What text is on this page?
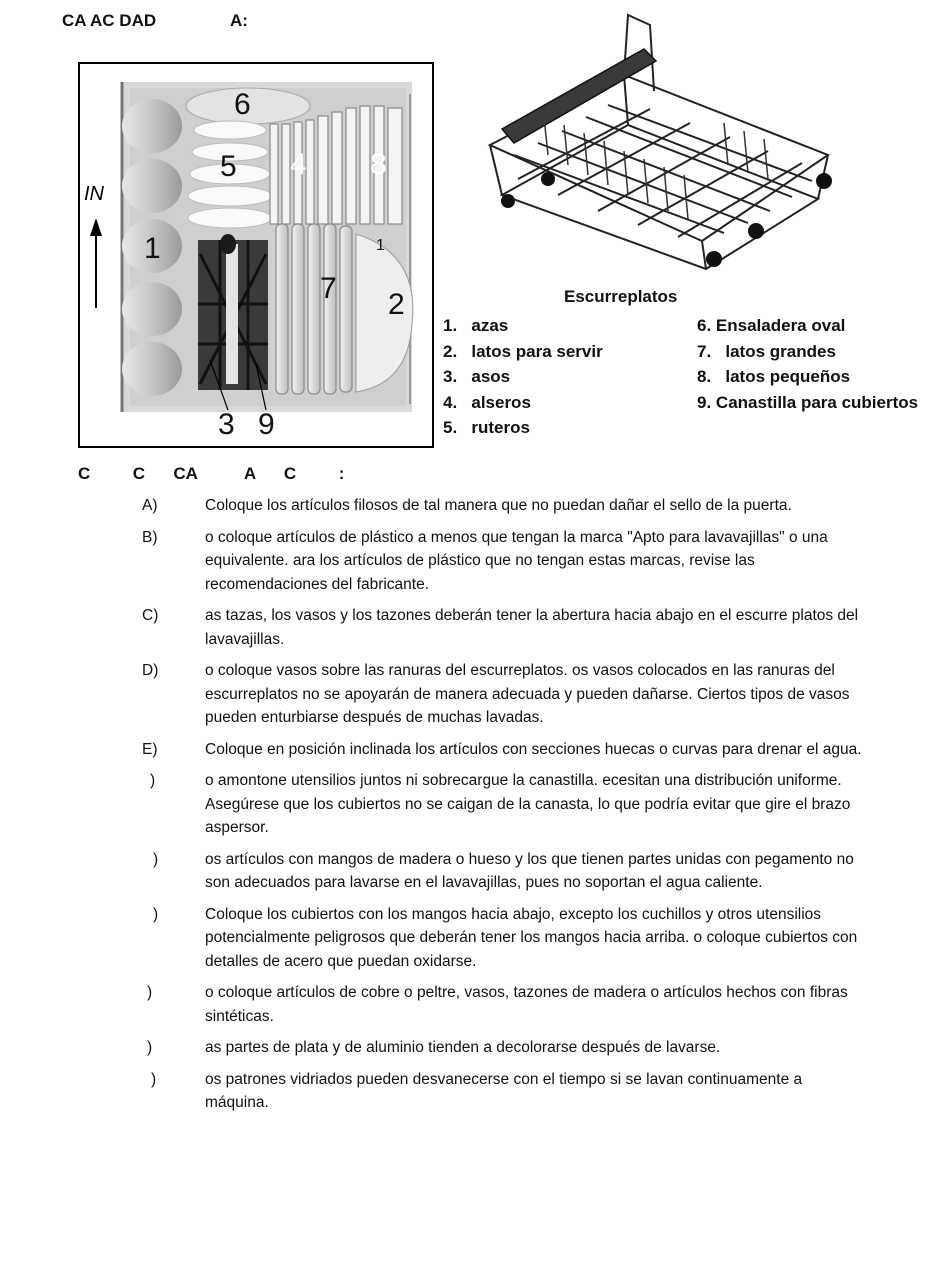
CA AC DAD	A:
IN
6
5 4 8
1	1
7 2
3 9
Escurreplatos
1. azas
2. latos para servir
3. asos
4. alseros
5. ruteros
6. Ensaladera oval
7. latos grandes
8. latos pequeños
9. Canastilla para cubiertos
C         C      CA          A      C         :
A)	Coloque los artículos filosos de tal manera que no puedan dañar el sello de la puerta.
B)	o coloque artículos de plástico a menos que tengan la marca "Apto para lavavajillas" o una equivalente. ara los artículos de plástico que no tengan estas marcas, revise las recomendaciones del fabricante.
C)	as tazas, los vasos y los tazones deberán tener la abertura hacia abajo en el escurre platos del lavavajillas.
D)	o coloque vasos sobre las ranuras del escurreplatos. os vasos colocados en las ranuras del escurreplatos no se apoyarán de manera adecuada y pueden dañarse. Ciertos tipos de vasos pueden enturbiarse después de muchas lavadas.
E)	Coloque en posición inclinada los artículos con secciones huecas o curvas para drenar el agua.
)	o amontone utensilios juntos ni sobrecargue la canastilla. ecesitan una distribución uniforme. Asegúrese que los cubiertos no se caigan de la canasta, lo que podría evitar que gire el brazo aspersor.
)	os artículos con mangos de madera o hueso y los que tienen partes unidas con pegamento no son adecuados para lavarse en el lavavajillas, pues no soportan el agua caliente.
)	Coloque los cubiertos con los mangos hacia abajo, excepto los cuchillos y otros utensilios potencialmente peligrosos que deberán tener los mangos hacia arriba. o coloque cubiertos con detalles de acero que puedan oxidarse.
)	o coloque artículos de cobre o peltre, vasos, tazones de madera o artículos hechos con fibras sintéticas.
)	as partes de plata y de aluminio tienden a decolorarse después de lavarse.
)	os patrones vidriados pueden desvanecerse con el tiempo si se lavan continuamente a máquina.
